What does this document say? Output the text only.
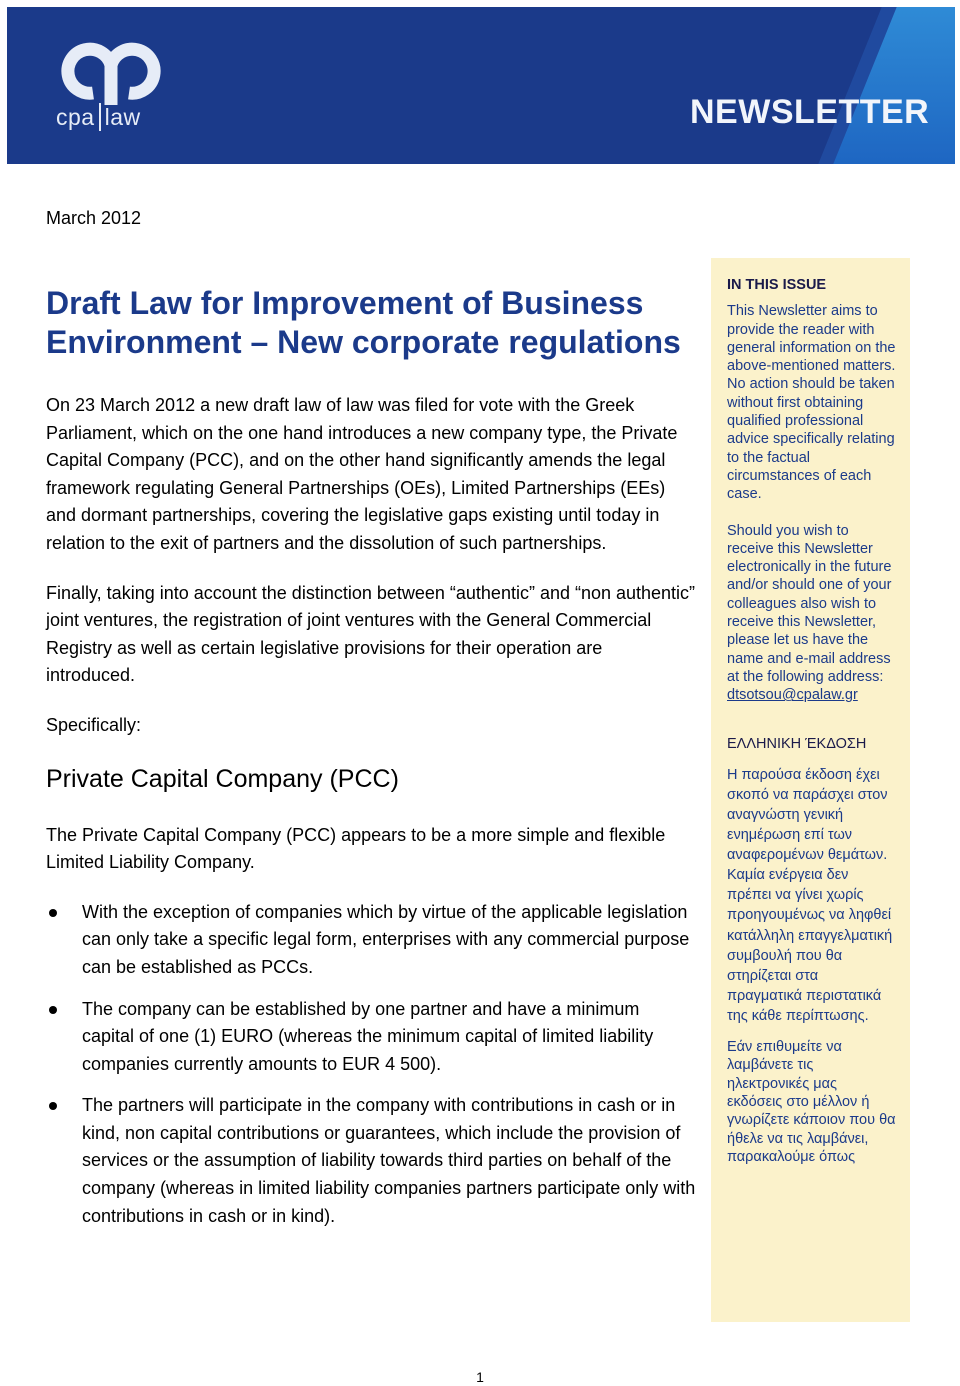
cpa law	NEWSLETTER
March 2012
Draft Law for Improvement of Business Environment – New corporate regulations

On 23 March 2012 a new draft law of law was filed for vote with the Greek Parliament, which on the one hand introduces a new company type, the Private Capital Company (PCC), and on the other hand significantly amends the legal framework regulating General Partnerships (OEs), Limited Partnerships (EEs) and dormant partnerships, covering the legislative gaps existing until today in relation to the exit of partners and the dissolution of such partnerships.

Finally, taking into account the distinction between “authentic” and “non authentic” joint ventures, the registration of joint ventures with the General Commercial Registry as well as certain legislative provisions for their operation are introduced.

Specifically:

Private Capital Company (PCC)

The Private Capital Company (PCC) appears to be a more simple and flexible Limited Liability Company.

With the exception of companies which by virtue of the applicable legislation can only take a specific legal form, enterprises with any commercial purpose can be established as PCCs.
The company can be established by one partner and have a minimum capital of one (1) EURO (whereas the minimum capital of limited liability companies currently amounts to EUR 4 500).
The partners will participate in the company with contributions in cash or in kind, non capital contributions or guarantees, which include the provision of services or the assumption of liability towards third parties on behalf of the company (whereas in limited liability companies partners participate only with contributions in cash or in kind).
IN THIS ISSUE

This Newsletter aims to provide the reader with general information on the above-mentioned matters. No action should be taken without first obtaining qualified professional advice specifically relating to the factual circumstances of each case.

Should you wish to receive this Newsletter electronically in the future and/or should one of your colleagues also wish to receive this Newsletter, please let us have the name and e-mail address at the following address: dtsotsou@cpalaw.gr

ΕΛΛΗΝΙΚΗ ΈΚΔΟΣΗ

Η παρούσα έκδοση έχει σκοπό να παράσχει στον αναγνώστη γενική ενημέρωση επί των αναφερομένων θεμάτων. Καμία ενέργεια δεν πρέπει να γίνει χωρίς προηγουμένως να ληφθεί κατάλληλη επαγγελματική συμβουλή που θα στηρίζεται στα πραγματικά περιστατικά της κάθε περίπτωσης.

Εάν επιθυμείτε να λαμβάνετε τις ηλεκτρονικές μας εκδόσεις στο μέλλον ή γνωρίζετε κάποιον που θα ήθελε να τις λαμβάνει, παρακαλούμε όπως

1
